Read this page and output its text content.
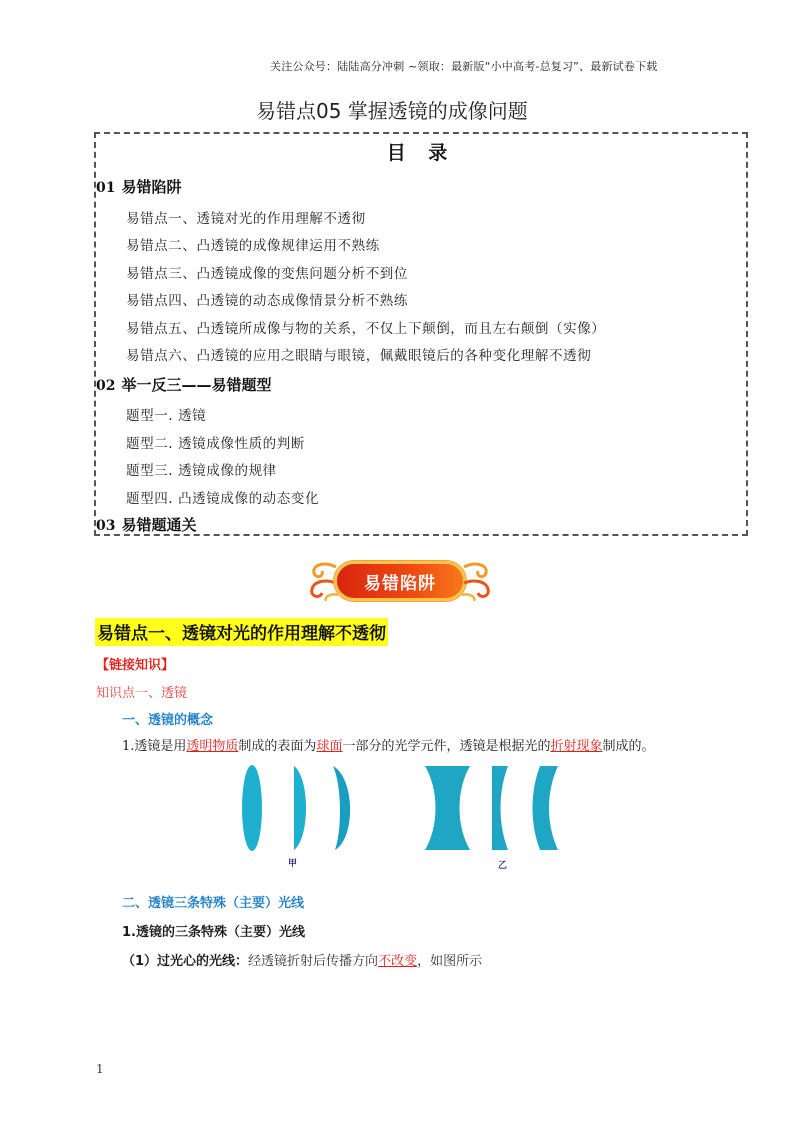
关注公众号：陆陆高分冲刺 ~领取：最新版“小中高考-总复习”、最新试卷下载
易错点05 掌握透镜的成像问题
目 录
01 易错陷阱
易错点一、透镜对光的作用理解不透彻
易错点二、凸透镜的成像规律运用不熟练
易错点三、凸透镜成像的变焦问题分析不到位
易错点四、凸透镜的动态成像情景分析不熟练
易错点五、凸透镜所成像与物的关系，不仅上下颠倒，而且左右颠倒（实像）
易错点六、凸透镜的应用之眼睛与眼镜，佩戴眼镜后的各种变化理解不透彻
02 举一反三——易错题型
题型一. 透镜
题型二. 透镜成像性质的判断
题型三. 透镜成像的规律
题型四. 凸透镜成像的动态变化
03 易错题通关
易错陷阱
易错点一、透镜对光的作用理解不透彻
【链接知识】
知识点一、透镜
一、透镜的概念
1.透镜是用透明物质制成的表面为球面一部分的光学元件，透镜是根据光的折射现象制成的。
甲	乙
二、透镜三条特殊（主要）光线
1.透镜的三条特殊（主要）光线
（1）过光心的光线：经透镜折射后传播方向不改变，如图所示
1
